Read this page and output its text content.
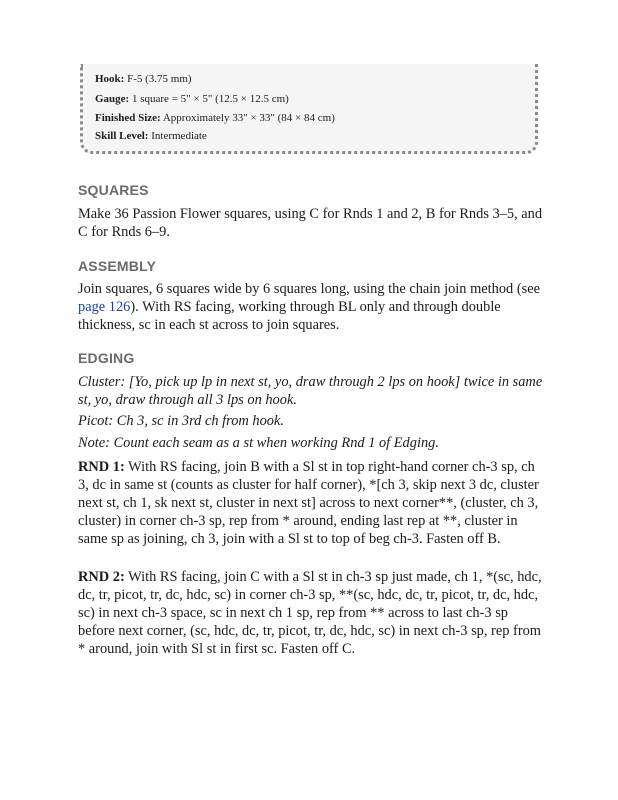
Hook: F-5 (3.75 mm)
Gauge: 1 square = 5" × 5" (12.5 × 12.5 cm)
Finished Size: Approximately 33" × 33" (84 × 84 cm)
Skill Level: Intermediate
SQUARES

Make 36 Passion Flower squares, using C for Rnds 1 and 2, B for Rnds 3–5, and C for Rnds 6–9.

ASSEMBLY

Join squares, 6 squares wide by 6 squares long, using the chain join method (see page 126). With RS facing, working through BL only and through double thickness, sc in each st across to join squares.

EDGING

Cluster: [Yo, pick up lp in next st, yo, draw through 2 lps on hook] twice in same st, yo, draw through all 3 lps on hook.

Picot: Ch 3, sc in 3rd ch from hook.

Note: Count each seam as a st when working Rnd 1 of Edging.

RND 1: With RS facing, join B with a Sl st in top right-hand corner ch-3 sp, ch 3, dc in same st (counts as cluster for half corner), *[ch 3, skip next 3 dc, cluster next st, ch 1, sk next st, cluster in next st] across to next corner**, (cluster, ch 3, cluster) in corner ch-3 sp, rep from * around, ending last rep at **, cluster in same sp as joining, ch 3, join with a Sl st to top of beg ch-3. Fasten off B.

RND 2: With RS facing, join C with a Sl st in ch-3 sp just made, ch 1, *(sc, hdc, dc, tr, picot, tr, dc, hdc, sc) in corner ch-3 sp, **(sc, hdc, dc, tr, picot, tr, dc, hdc, sc) in next ch-3 space, sc in next ch 1 sp, rep from ** across to last ch-3 sp before next corner, (sc, hdc, dc, tr, picot, tr, dc, hdc, sc) in next ch-3 sp, rep from * around, join with Sl st in first sc. Fasten off C.
